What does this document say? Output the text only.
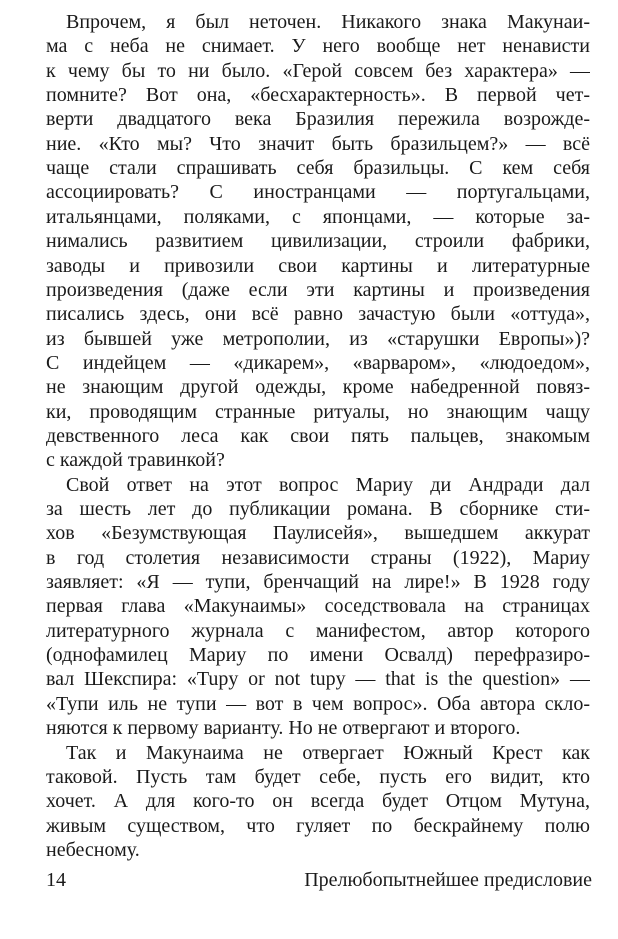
Впрочем, я был неточен. Никакого знака Макунаи-
ма с неба не снимает. У него вообще нет ненависти
к чему бы то ни было. «Герой совсем без характера» —
помните? Вот она, «бесхарактерность». В первой чет-
верти двадцатого века Бразилия пережила возрожде-
ние. «Кто мы? Что значит быть бразильцем?» — всё
чаще стали спрашивать себя бразильцы. С кем себя
ассоциировать? С иностранцами — португальцами,
итальянцами, поляками, с японцами, — которые за-
нимались развитием цивилизации, строили фабрики,
заводы и привозили свои картины и литературные
произведения (даже если эти картины и произведения
писались здесь, они всё равно зачастую были «оттуда»,
из бывшей уже метрополии, из «старушки Европы»)?
С индейцем — «дикарем», «варваром», «людоедом»,
не знающим другой одежды, кроме набедренной повяз-
ки, проводящим странные ритуалы, но знающим чащу
девственного леса как свои пять пальцев, знакомым
с каждой травинкой?
Свой ответ на этот вопрос Мариу ди Андради дал
за шесть лет до публикации романа. В сборнике сти-
хов «Безумствующая Паулисейя», вышедшем аккурат
в год столетия независимости страны (1922), Мариу
заявляет: «Я — тупи, бренчащий на лире!» В 1928 году
первая глава «Макунаимы» соседствовала на страницах
литературного журнала с манифестом, автор которого
(однофамилец Мариу по имени Освалд) перефразиро-
вал Шекспира: «Tupy or not tupy — that is the question» —
«Тупи иль не тупи — вот в чем вопрос». Оба автора скло-
няются к первому варианту. Но не отвергают и второго.
Так и Макунаима не отвергает Южный Крест как
таковой. Пусть там будет себе, пусть его видит, кто
хочет. А для кого-то он всегда будет Отцом Мутуна,
живым существом, что гуляет по бескрайнему полю
небесному.
14	Прелюбопытнейшее предисловие
